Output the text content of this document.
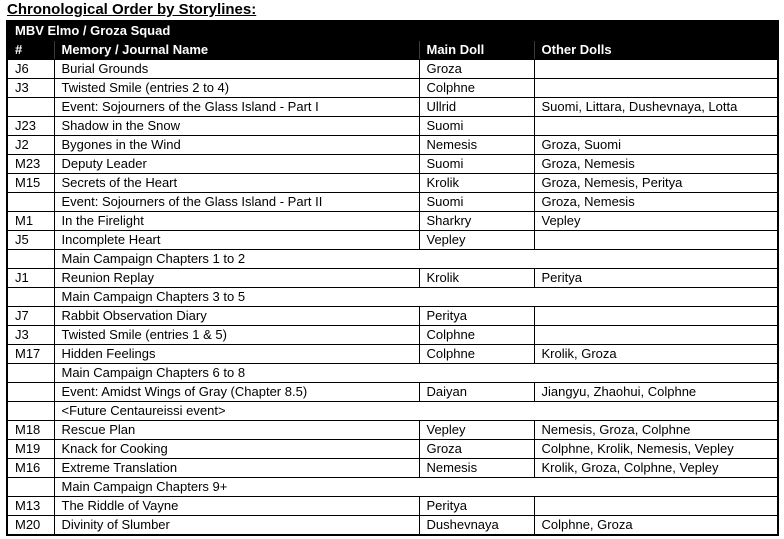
Chronological Order by Storylines:
MBV Elmo / Groza Squad			
#	Memory / Journal Name	Main Doll	Other Dolls
J6	Burial Grounds	Groza	
J3	Twisted Smile (entries 2 to 4)	Colphne	
	Event: Sojourners of the Glass Island - Part I	Ullrid	Suomi, Littara, Dushevnaya, Lotta
J23	Shadow in the Snow	Suomi	
J2	Bygones in the Wind	Nemesis	Groza, Suomi
M23	Deputy Leader	Suomi	Groza, Nemesis
M15	Secrets of the Heart	Krolik	Groza, Nemesis, Peritya
	Event: Sojourners of the Glass Island - Part II	Suomi	Groza, Nemesis
M1	In the Firelight	Sharkry	Vepley
J5	Incomplete Heart	Vepley	
	Main Campaign Chapters 1 to 2		
J1	Reunion Replay	Krolik	Peritya
	Main Campaign Chapters 3 to 5		
J7	Rabbit Observation Diary	Peritya	
J3	Twisted Smile (entries 1 & 5)	Colphne	
M17	Hidden Feelings	Colphne	Krolik, Groza
	Main Campaign Chapters 6 to 8		
	Event: Amidst Wings of Gray (Chapter 8.5)	Daiyan	Jiangyu, Zhaohui, Colphne
	<Future Centaureissi event>		
M18	Rescue Plan	Vepley	Nemesis, Groza, Colphne
M19	Knack for Cooking	Groza	Colphne, Krolik, Nemesis, Vepley
M16	Extreme Translation	Nemesis	Krolik, Groza, Colphne, Vepley
	Main Campaign Chapters 9+		
M13	The Riddle of Vayne	Peritya	
M20	Divinity of Slumber	Dushevnaya	Colphne, Groza
